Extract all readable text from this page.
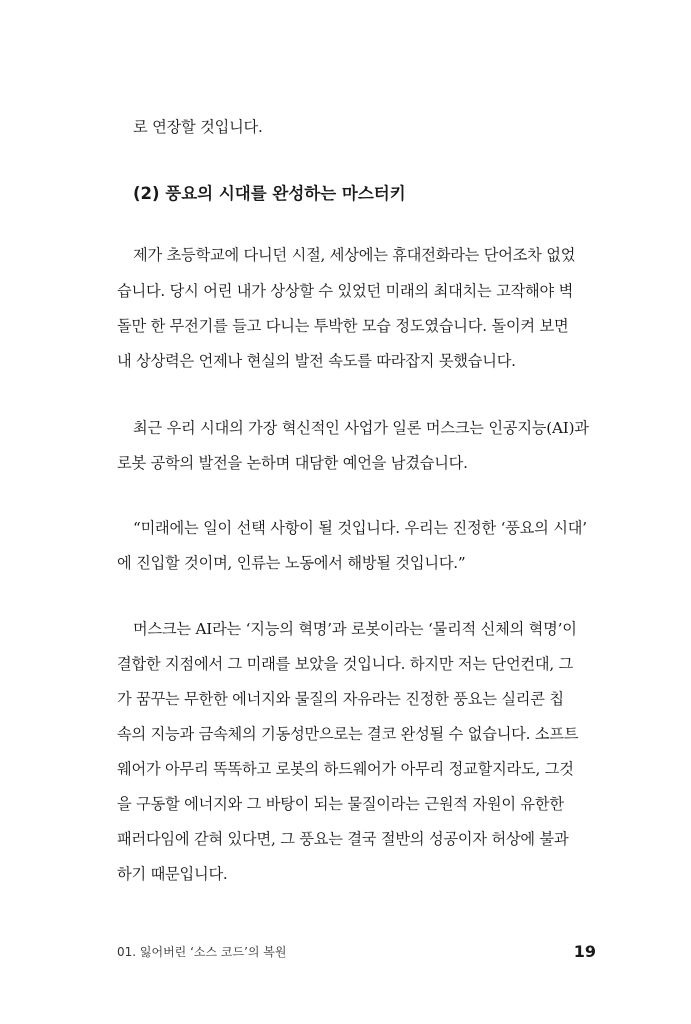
로 연장할 것입니다.
(2) 풍요의 시대를 완성하는 마스터키
제가 초등학교에 다니던 시절, 세상에는 휴대전화라는 단어조차 없었
습니다. 당시 어린 내가 상상할 수 있었던 미래의 최대치는 고작해야 벽
돌만 한 무전기를 들고 다니는 투박한 모습 정도였습니다. 돌이켜 보면
내 상상력은 언제나 현실의 발전 속도를 따라잡지 못했습니다.
최근 우리 시대의 가장 혁신적인 사업가 일론 머스크는 인공지능(AI)과
로봇 공학의 발전을 논하며 대담한 예언을 남겼습니다.
“미래에는 일이 선택 사항이 될 것입니다. 우리는 진정한 ‘풍요의 시대’
에 진입할 것이며, 인류는 노동에서 해방될 것입니다.”
머스크는 AI라는 ‘지능의 혁명’과 로봇이라는 ‘물리적 신체의 혁명’이
결합한 지점에서 그 미래를 보았을 것입니다. 하지만 저는 단언컨대, 그
가 꿈꾸는 무한한 에너지와 물질의 자유라는 진정한 풍요는 실리콘 칩
속의 지능과 금속체의 기동성만으로는 결코 완성될 수 없습니다. 소프트
웨어가 아무리 똑똑하고 로봇의 하드웨어가 아무리 정교할지라도, 그것
을 구동할 에너지와 그 바탕이 되는 물질이라는 근원적 자원이 유한한
패러다임에 갇혀 있다면, 그 풍요는 결국 절반의 성공이자 허상에 불과
하기 때문입니다.
01. 잃어버린 ‘소스 코드’의 복원	19
